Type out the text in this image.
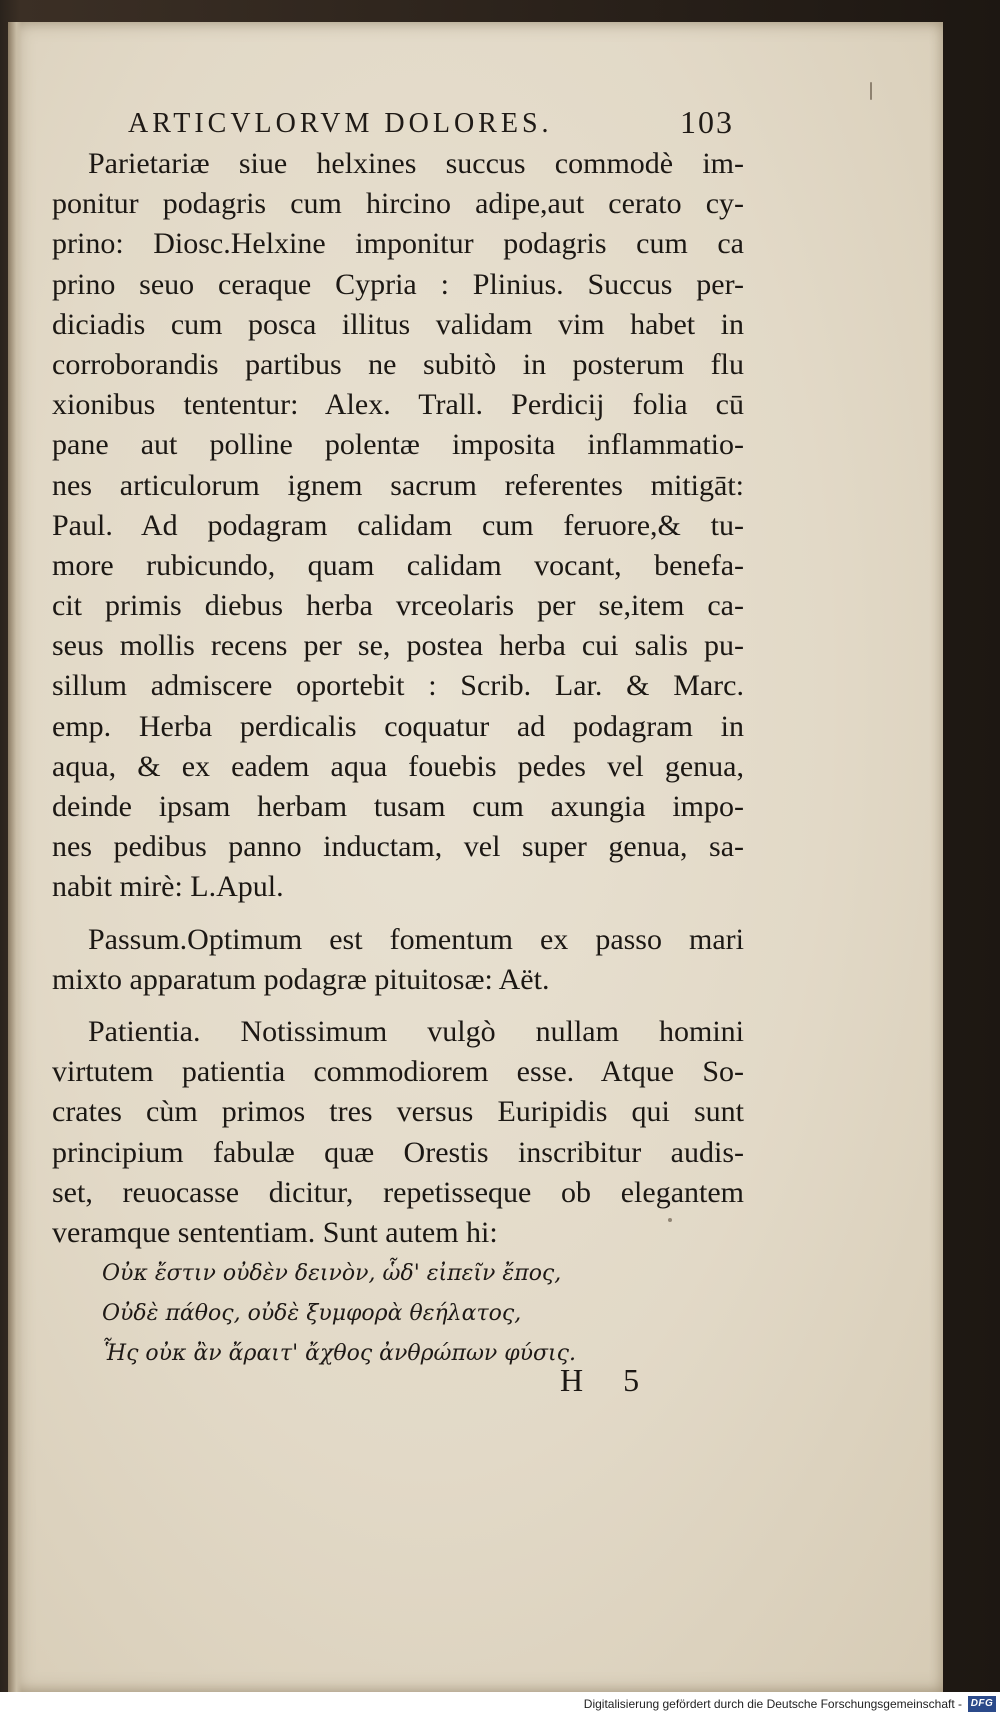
ARTICVLORVM DOLORES.	103
Parietariæ siue helxines succus commodè im-
ponitur podagris cum hircino adipe,aut cerato cy-
prino: Diosc.Helxine imponitur podagris cum ca
prino seuo ceraque Cypria : Plinius. Succus per-
diciadis cum posca illitus validam vim habet in
corroborandis partibus ne subitò in posterum flu
xionibus tententur: Alex. Trall. Perdicij folia cū
pane aut polline polentæ imposita inflammatio-
nes articulorum ignem sacrum referentes mitigāt:
Paul. Ad podagram calidam cum feruore,& tu-
more rubicundo, quam calidam vocant, benefa-
cit primis diebus herba vrceolaris per se,item ca-
seus mollis recens per se, postea herba cui salis pu-
sillum admiscere oportebit : Scrib. Lar. & Marc.
emp. Herba perdicalis coquatur ad podagram in
aqua, & ex eadem aqua fouebis pedes vel genua,
deinde ipsam herbam tusam cum axungia impo-
nes pedibus panno inductam, vel super genua, sa-
nabit mirè: L.Apul.
Passum.Optimum est fomentum ex passo mari
mixto apparatum podagræ pituitosæ: Aët.
Patientia. Notissimum vulgò nullam homini
virtutem patientia commodiorem esse. Atque So-
crates cùm primos tres versus Euripidis qui sunt
principium fabulæ quæ Orestis inscribitur audis-
set, reuocasse dicitur, repetisseque ob elegantem
veramque sententiam. Sunt autem hi:
Οὐκ ἔστιν οὐδὲν δεινὸν, ὧδ' εἰπεῖν ἔπος,
Οὐδὲ πάθος, οὐδὲ ξυμφορὰ θεήλατος,
Ἧς οὐκ ἂν ἄραιτ' ἄχθος ἀνθρώπων φύσις.
H 5
Digitalisierung gefördert durch die Deutsche Forschungsgemeinschaft - DFG
